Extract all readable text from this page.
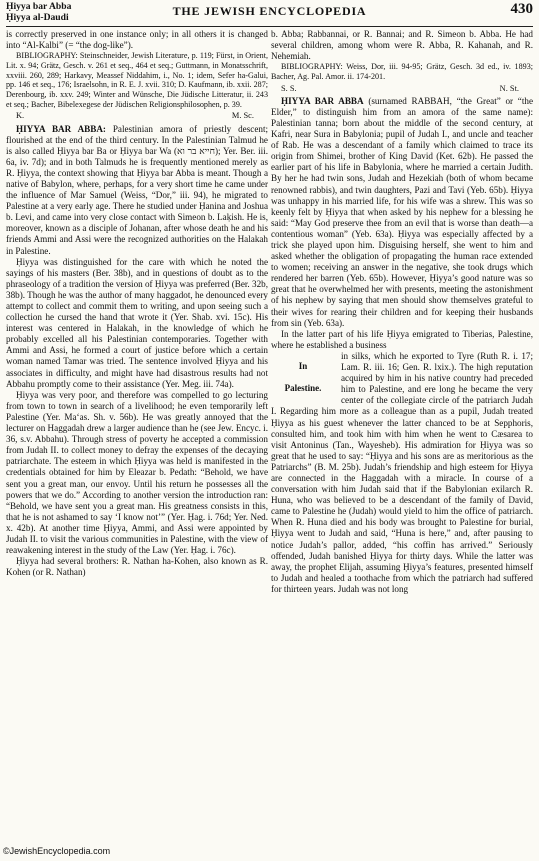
Ḥiyya bar Abba
Ḥiyya al-Daudi	THE JEWISH ENCYCLOPEDIA	430

is correctly preserved in one instance only; in all others it is changed into “Al-Kalbi” (= “the dog-like”).

BIBLIOGRAPHY: Steinschneider, Jewish Literature, p. 119; Fürst, in Orient, Lit. x. 94; Grätz, Gesch. v. 261 et seq., 464 et seq.; Guttmann, in Monatsschrift, xxviii. 260, 289; Harkavy, Meassef Niddahim, i., No. 1; idem, Sefer ha-Galui, pp. 146 et seq., 176; Israelsohn, in R. E. J. xvii. 310; D. Kaufmann, ib. xxii. 287; Derenbourg, ib. xxv. 249; Winter and Wünsche, Die Jüdische Litteratur, ii. 243 et seq.; Bacher, Bibelexegese der Jüdischen Religionsphilosophen, p. 39.

K.	M. Sc.

ḤIYYA BAR ABBA: Palestinian amora of priestly descent; flourished at the end of the third century. In the Palestinian Talmud he is also called Ḥiyya bar Ba or Ḥiyya bar Wa (חייא בר וא); Yer. Ber. iii. 6a, iv. 7d); and in both Talmuds he is frequently mentioned merely as R. Ḥiyya, the context showing that Ḥiyya bar Abba is meant. Though a native of Babylon, where, perhaps, for a very short time he came under the influence of Mar Samuel (Weiss, “Dor,” iii. 94), he migrated to Palestine at a very early age. There he studied under Ḥanina and Joshua b. Levi, and came into very close contact with Simeon b. Laḳish. He is, moreover, known as a disciple of Johanan, after whose death he and his friends Ammi and Assi were the recognized authorities on the Halakah in Palestine.

Ḥiyya was distinguished for the care with which he noted the sayings of his masters (Ber. 38b), and in questions of doubt as to the phraseology of a tradition the version of Ḥiyya was preferred (Ber. 32b, 38b). Though he was the author of many haggadot, he denounced every attempt to collect and commit them to writing, and upon seeing such a collection he cursed the hand that wrote it (Yer. Shab. xvi. 15c). His interest was centered in Halakah, in the knowledge of which he probably excelled all his Palestinian contemporaries. Together with Ammi and Assi, he formed a court of justice before which a certain woman named Tamar was tried. The sentence involved Ḥiyya and his associates in difficulty, and might have had disastrous results had not Abbahu promptly come to their assistance (Yer. Meg. iii. 74a).

Ḥiyya was very poor, and therefore was compelled to go lecturing from town to town in search of a livelihood; he even temporarily left Palestine (Yer. Ma‘as. Sh. v. 56b). He was greatly annoyed that the lecturer on Haggadah drew a larger audience than he (see Jew. Encyc. i. 36, s.v. Abbahu). Through stress of poverty he accepted a commission from Judah II. to collect money to defray the expenses of the decaying patriarchate. The esteem in which Ḥiyya was held is manifested in the credentials obtained for him by Eleazar b. Pedath: “Behold, we have sent you a great man, our envoy. Until his return he possesses all the powers that we do.” According to another version the introduction ran: “Behold, we have sent you a great man. His greatness consists in this, that he is not ashamed to say ‘I know not’” (Yer. Ḥag. i. 76d; Yer. Ned. x. 42b). At another time Ḥiyya, Ammi, and Assi were appointed by Judah II. to visit the various communities in Palestine, with the view of reawakening interest in the study of the Law (Yer. Ḥag. i. 76c).

Ḥiyya had several brothers: R. Nathan ha-Kohen, also known as R. Kohen (or R. Nathan)

b. Abba; Rabbannai, or R. Bannai; and R. Simeon b. Abba. He had several children, among whom were R. Abba, R. Kahanah, and R. Nehemiah.

BIBLIOGRAPHY: Weiss, Dor, iii. 94-95; Grätz, Gesch. 3d ed., iv. 1893; Bacher, Ag. Pal. Amor. ii. 174-201.

S. S.	N. St.

ḤIYYA BAR ABBA (surnamed RABBAH, “the Great” or “the Elder,” to distinguish him from an amora of the same name): Palestinian tanna; born about the middle of the second century, at Kafri, near Sura in Babylonia; pupil of Judah I., and uncle and teacher of Rab. He was a descendant of a family which claimed to trace its origin from Shimei, brother of King David (Ket. 62b). He passed the earlier part of his life in Babylonia, where he married a certain Judith. By her he had twin sons, Judah and Hezekiah (both of whom became renowned rabbis), and twin daughters, Pazi and Tavi (Yeb. 65b). Ḥiyya was unhappy in his married life, for his wife was a shrew. This was so keenly felt by Ḥiyya that when asked by his nephew for a blessing he said: “May God preserve thee from an evil that is worse than death—a contentious woman” (Yeb. 63a). Ḥiyya was especially affected by a trick she played upon him. Disguising herself, she went to him and asked whether the obligation of propagating the human race extended to women; receiving an answer in the negative, she took drugs which rendered her barren (Yeb. 65b). However, Ḥiyya’s good nature was so great that he overwhelmed her with presents, meeting the astonishment of his nephew by saying that men should show themselves grateful to their wives for rearing their children and for keeping their husbands from sin (Yeb. 63a).

In the latter part of his life Ḥiyya emigrated to Tiberias, Palestine, where he established a business

In
Palestine.

in silks, which he exported to Tyre (Ruth R. i. 17; Lam. R. iii. 16; Gen. R. lxix.). The high reputation acquired by him in his native country had preceded him to Palestine, and ere long he became the very center of the collegiate circle of the patriarch Judah I. Regarding him more as a colleague than as a pupil, Judah treated Ḥiyya as his guest whenever the latter chanced to be at Sepphoris, consulted him, and took him with him when he went to Cæsarea to visit Antoninus (Tan., Wayesheb). His admiration for Ḥiyya was so great that he used to say: “Ḥiyya and his sons are as meritorious as the Patriarchs” (B. M. 25b). Judah’s friendship and high esteem for Ḥiyya are connected in the Haggadah with a miracle. In course of a conversation with him Judah said that if the Babylonian exilarch R. Huna, who was believed to be a descendant of the family of David, came to Palestine he (Judah) would yield to him the office of patriarch. When R. Huna died and his body was brought to Palestine for burial, Ḥiyya went to Judah and said, “Huna is here,” and, after pausing to notice Judah’s pallor, added, “his coffin has arrived.” Seriously offended, Judah banished Ḥiyya for thirty days. While the latter was away, the prophet Elijah, assuming Ḥiyya’s features, presented himself to Judah and healed a toothache from which the patriarch had suffered for thirteen years. Judah was not long

©JewishEncyclopedia.com
